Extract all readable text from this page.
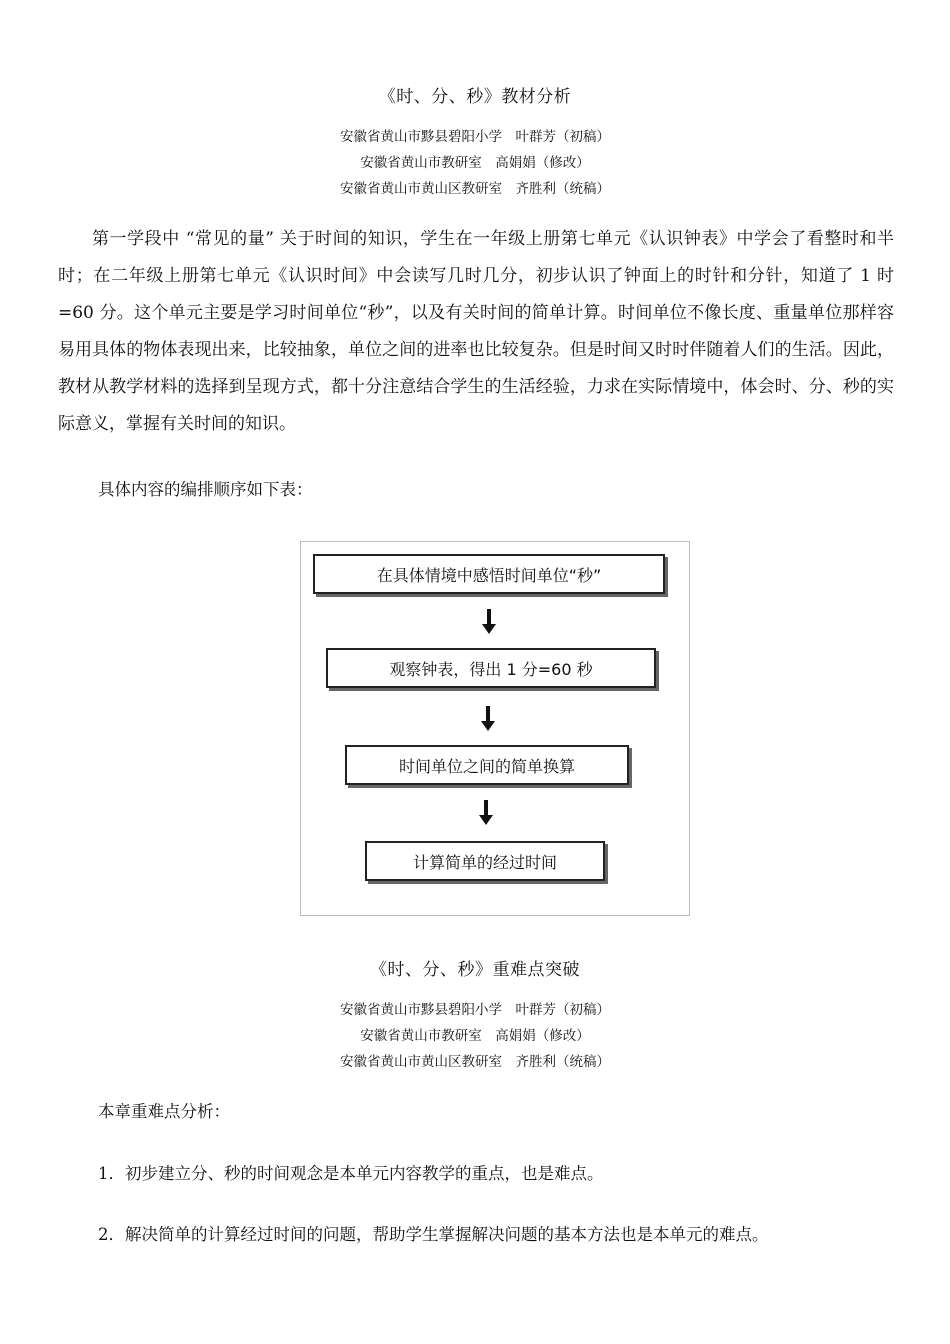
《时、分、秒》教材分析
安徽省黄山市黟县碧阳小学　叶群芳（初稿）
安徽省黄山市教研室　高娟娟（修改）
安徽省黄山市黄山区教研室　齐胜利（统稿）
第一学段中 “常见的量” 关于时间的知识，学生在一年级上册第七单元《认识钟表》中学会了看整时和半时；在二年级上册第七单元《认识时间》中会读写几时几分，初步认识了钟面上的时针和分针，知道了 1 时=60 分。这个单元主要是学习时间单位“秒”，以及有关时间的简单计算。时间单位不像长度、重量单位那样容易用具体的物体表现出来，比较抽象，单位之间的进率也比较复杂。但是时间又时时伴随着人们的生活。因此，教材从教学材料的选择到呈现方式，都十分注意结合学生的生活经验，力求在实际情境中，体会时、分、秒的实际意义，掌握有关时间的知识。
具体内容的编排顺序如下表：
在具体情境中感悟时间单位“秒”
观察钟表，得出 1 分=60 秒
时间单位之间的简单换算
计算简单的经过时间
《时、分、秒》重难点突破
安徽省黄山市黟县碧阳小学　叶群芳（初稿）
安徽省黄山市教研室　高娟娟（修改）
安徽省黄山市黄山区教研室　齐胜利（统稿）
本章重难点分析：
1．初步建立分、秒的时间观念是本单元内容教学的重点，也是难点。
2．解决简单的计算经过时间的问题，帮助学生掌握解决问题的基本方法也是本单元的难点。
